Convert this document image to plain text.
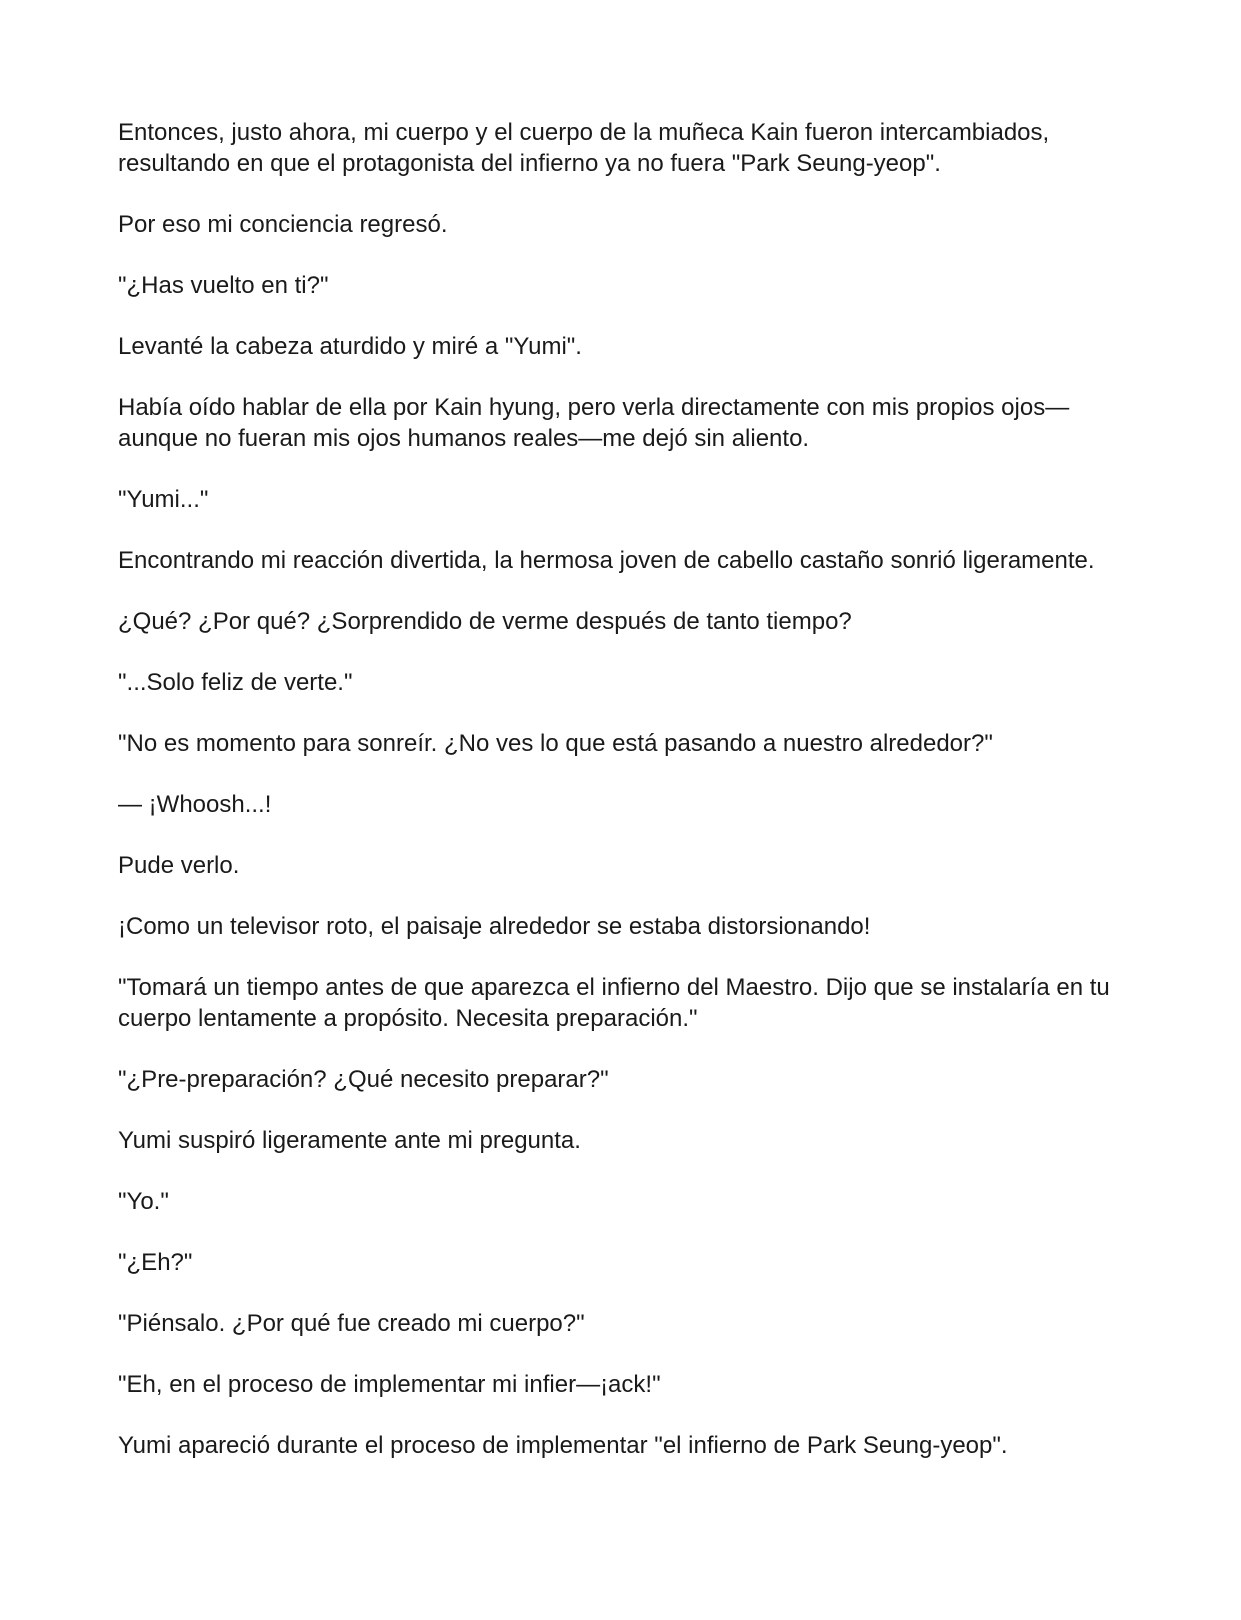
Entonces, justo ahora, mi cuerpo y el cuerpo de la muñeca Kain fueron intercambiados, resultando en que el protagonista del infierno ya no fuera "Park Seung-yeop".

Por eso mi conciencia regresó.

"¿Has vuelto en ti?"

Levanté la cabeza aturdido y miré a "Yumi".

Había oído hablar de ella por Kain hyung, pero verla directamente con mis propios ojos—aunque no fueran mis ojos humanos reales—me dejó sin aliento.

"Yumi..."

Encontrando mi reacción divertida, la hermosa joven de cabello castaño sonrió ligeramente.

¿Qué? ¿Por qué? ¿Sorprendido de verme después de tanto tiempo?

"...Solo feliz de verte."

"No es momento para sonreír. ¿No ves lo que está pasando a nuestro alrededor?"

— ¡Whoosh...!

Pude verlo.

¡Como un televisor roto, el paisaje alrededor se estaba distorsionando!

"Tomará un tiempo antes de que aparezca el infierno del Maestro. Dijo que se instalaría en tu cuerpo lentamente a propósito. Necesita preparación."

"¿Pre-preparación? ¿Qué necesito preparar?"

Yumi suspiró ligeramente ante mi pregunta.

"Yo."

"¿Eh?"

"Piénsalo. ¿Por qué fue creado mi cuerpo?"

"Eh, en el proceso de implementar mi infier—¡ack!"

Yumi apareció durante el proceso de implementar "el infierno de Park Seung-yeop".
